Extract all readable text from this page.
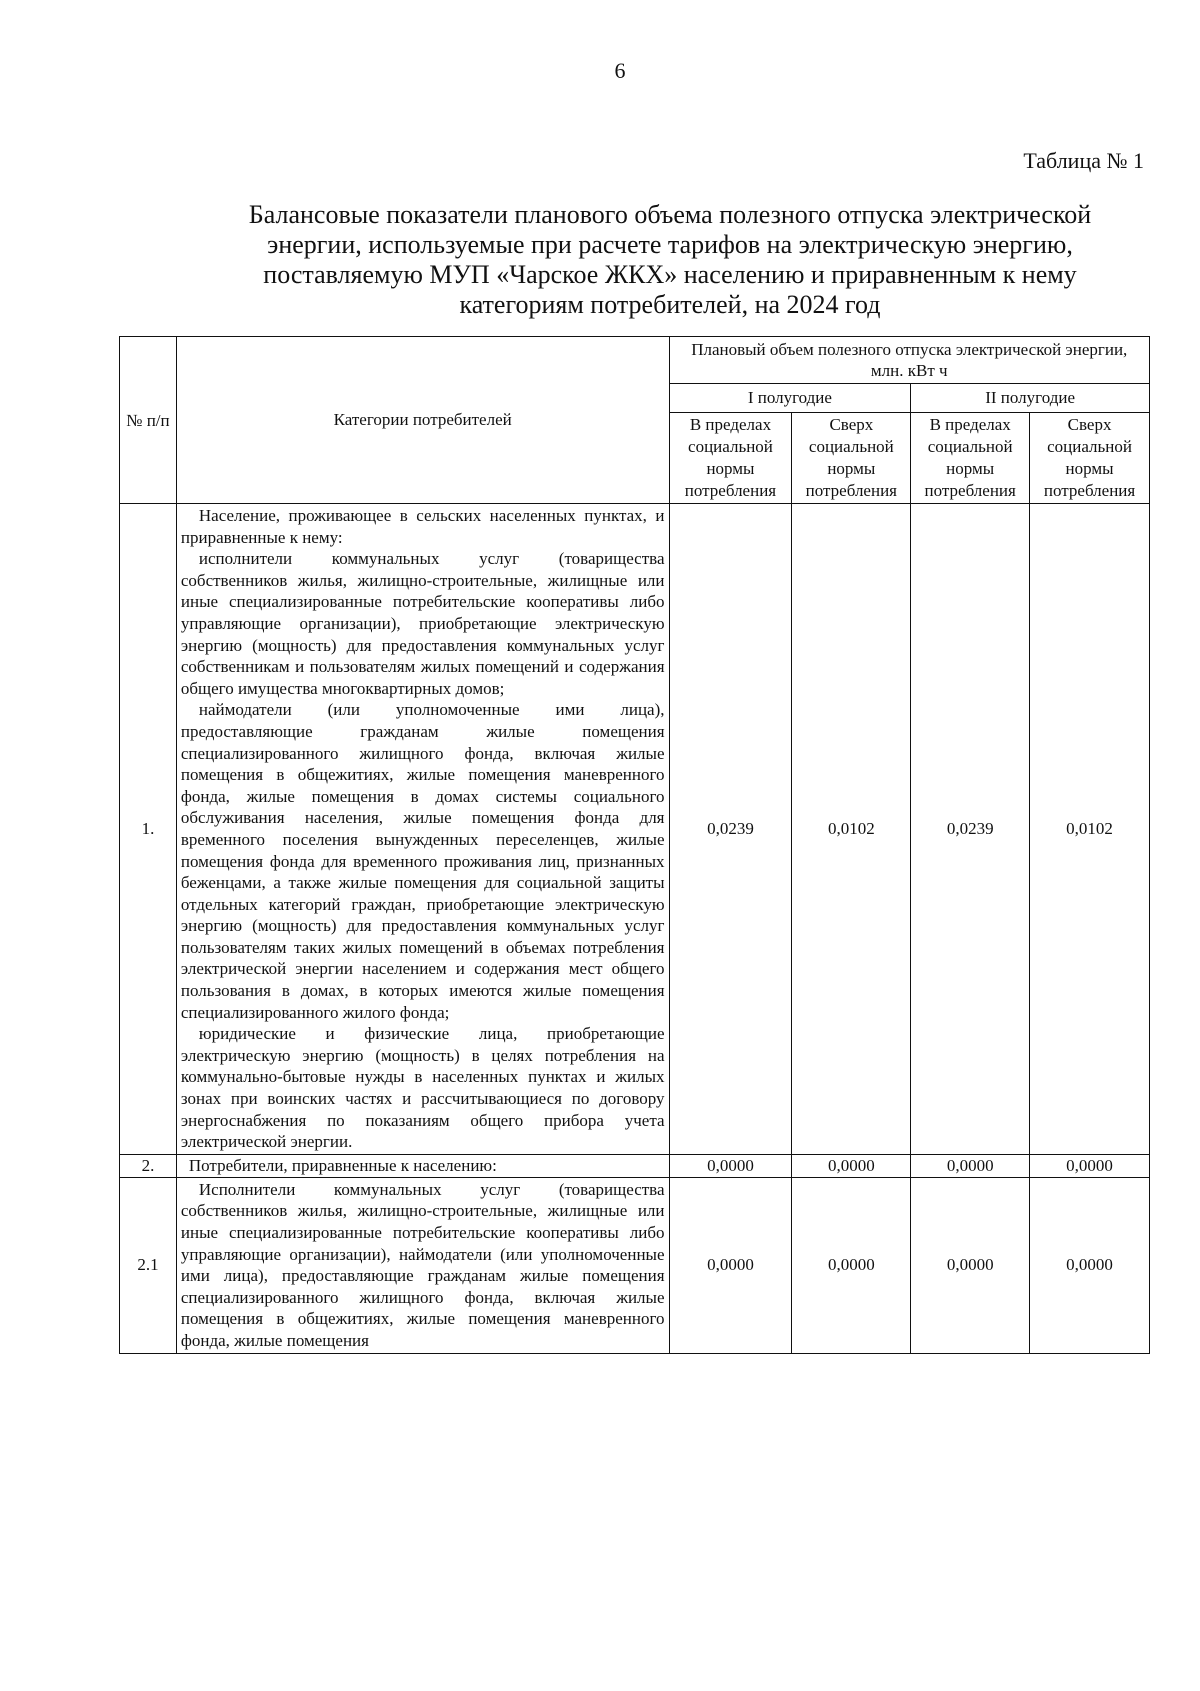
6
Таблица № 1
Балансовые показатели планового объема полезного отпуска электрической
энергии, используемые при расчете тарифов на электрическую энергию,
поставляемую МУП «Чарское ЖКХ» населению и приравненным к нему
категориям потребителей, на 2024 год
№ п/п	Категории потребителей	Плановый объем полезного отпуска электрической энергии, млн. кВт ч			
		I полугодие		II полугодие	
		В пределах социальной нормы потребления	Сверх социальной нормы потребления	В пределах социальной нормы потребления	Сверх социальной нормы потребления
1.	Население, проживающее в сельских населенных пунктах, и приравненные к нему:

исполнители коммунальных услуг (товарищества собственников жилья, жилищно-строительные, жилищные или иные специализированные потребительские кооперативы либо управляющие организации), приобретающие электрическую энергию (мощность) для предоставления коммунальных услуг собственникам и пользователям жилых помещений и содержания общего имущества многоквартирных домов;

наймодатели (или уполномоченные ими лица), предоставляющие гражданам жилые помещения специализированного жилищного фонда, включая жилые помещения в общежитиях, жилые помещения маневренного фонда, жилые помещения в домах системы социального обслуживания населения, жилые помещения фонда для временного поселения вынужденных переселенцев, жилые помещения фонда для временного проживания лиц, признанных беженцами, а также жилые помещения для социальной защиты отдельных категорий граждан, приобретающие электрическую энергию (мощность) для предоставления коммунальных услуг пользователям таких жилых помещений в объемах потребления электрической энергии населением и содержания мест общего пользования в домах, в которых имеются жилые помещения специализированного жилого фонда;

юридические и физические лица, приобретающие электрическую энергию (мощность) в целях потребления на коммунально-бытовые нужды в населенных пунктах и жилых зонах при воинских частях и рассчитывающиеся по договору энергоснабжения по показаниям общего прибора учета электрической энергии.	0,0239	0,0102	0,0239	0,0102
2.	Потребители, приравненные к населению:	0,0000	0,0000	0,0000	0,0000
2.1	Исполнители коммунальных услуг (товарищества собственников жилья, жилищно-строительные, жилищные или иные специализированные потребительские кооперативы либо управляющие организации), наймодатели (или уполномоченные ими лица), предоставляющие гражданам жилые помещения специализированного жилищного фонда, включая жилые помещения в общежитиях, жилые помещения маневренного фонда, жилые помещения	0,0000	0,0000	0,0000	0,0000
